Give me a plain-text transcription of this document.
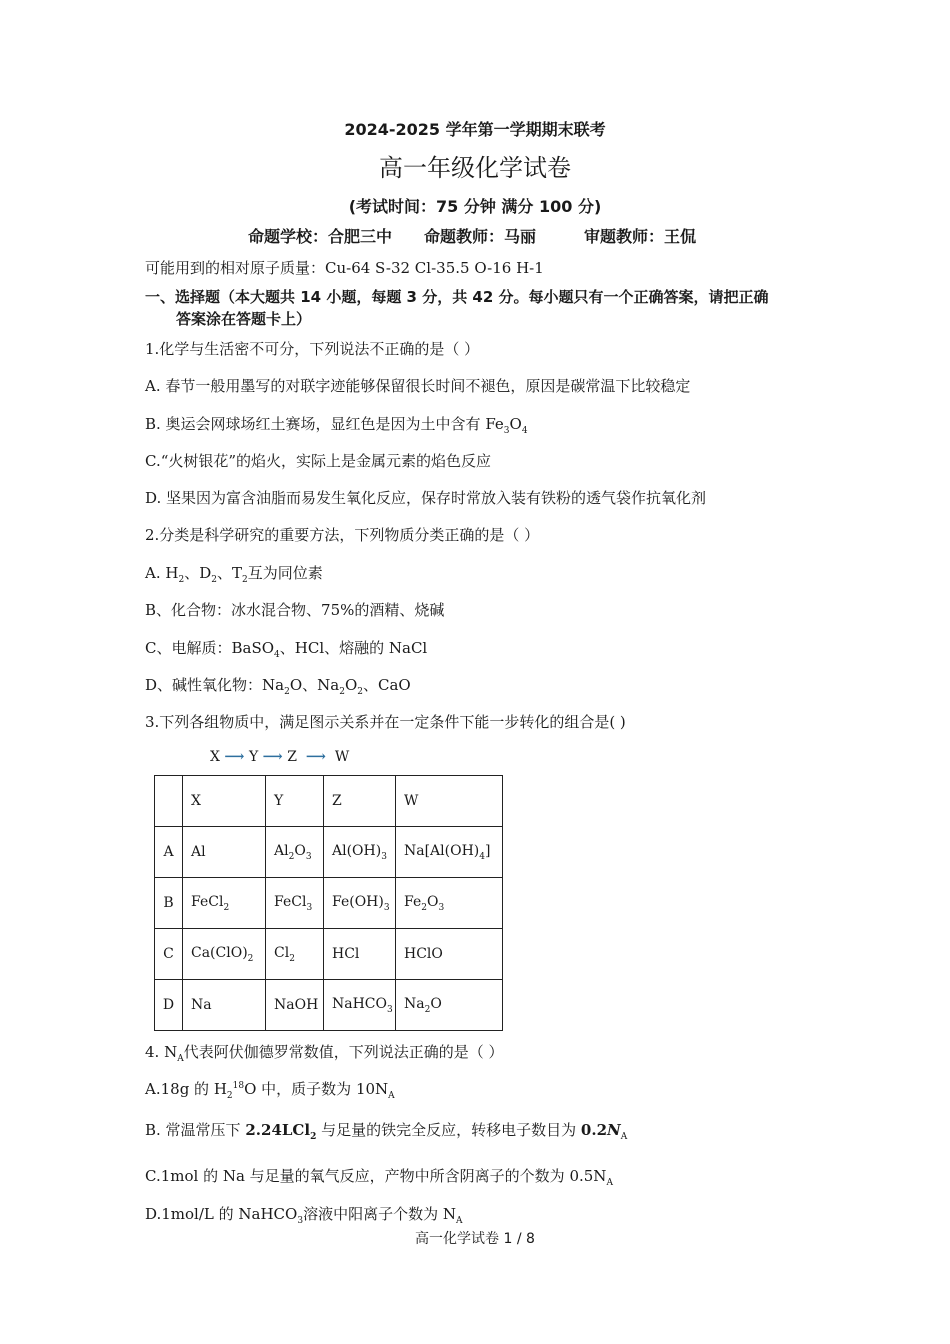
2024-2025 学年第一学期期末联考
高一年级化学试卷
(考试时间：75 分钟 满分 100 分)
命题学校：合肥三中 命题教师：马丽	审题教师：王侃
可能用到的相对原子质量：Cu-64 S-32 Cl-35.5 O-16 H-1
一、选择题（本大题共 14 小题，每题 3 分，共 42 分。每小题只有一个正确答案，请把正确
答案涂在答题卡上）
1.化学与生活密不可分，下列说法不正确的是（ ）
A. 春节一般用墨写的对联字迹能够保留很长时间不褪色，原因是碳常温下比较稳定
B. 奥运会网球场红土赛场，显红色是因为土中含有 $Fe_3O_4$
C.“火树银花”的焰火，实际上是金属元素的焰色反应
D. 坚果因为富含油脂而易发生氧化反应，保存时常放入装有铁粉的透气袋作抗氧化剂
2.分类是科学研究的重要方法，下列物质分类正确的是（ ）
A. $H_2$、$D_2$、$T_2$互为同位素
B、化合物：冰水混合物、75%的酒精、烧碱
C、电解质：BaSO$_4$、HCl、熔融的 NaCl
D、碱性氧化物：$Na_2O$、$Na_2O_2$、CaO
3.下列各组物质中，满足图示关系并在一定条件下能一步转化的组合是( )
X ⟶ Y ⟶ Z ⟶ W
	X	Y	Z	W
A	Al	$Al_2O_3$	$Al(OH)_3$	$Na[Al(OH)_4]$
B	FeCl$_2$	FeCl$_3$	$Fe(OH)_3$	$Fe_2O_3$
C	$Ca(ClO)_2$	$Cl_2$	HCl	HClO
D	Na	NaOH	NaHCO$_3$	$Na_2O$
4. $N_A$代表阿伏伽德罗常数值，下列说法正确的是（ ）
A.18g 的 $H_2^{18}O$ 中，质子数为 $10N_A$
B. 常温常压下 2.24LCl$_2$ 与足量的铁完全反应，转移电子数目为 $0.2N_A$
C.1mol 的 Na 与足量的氧气反应，产物中所含阴离子的个数为 $0.5N_A$
D.1mol/L 的 NaHCO$_3$溶液中阳离子个数为 $N_A$
高一化学试卷 1 / 8
